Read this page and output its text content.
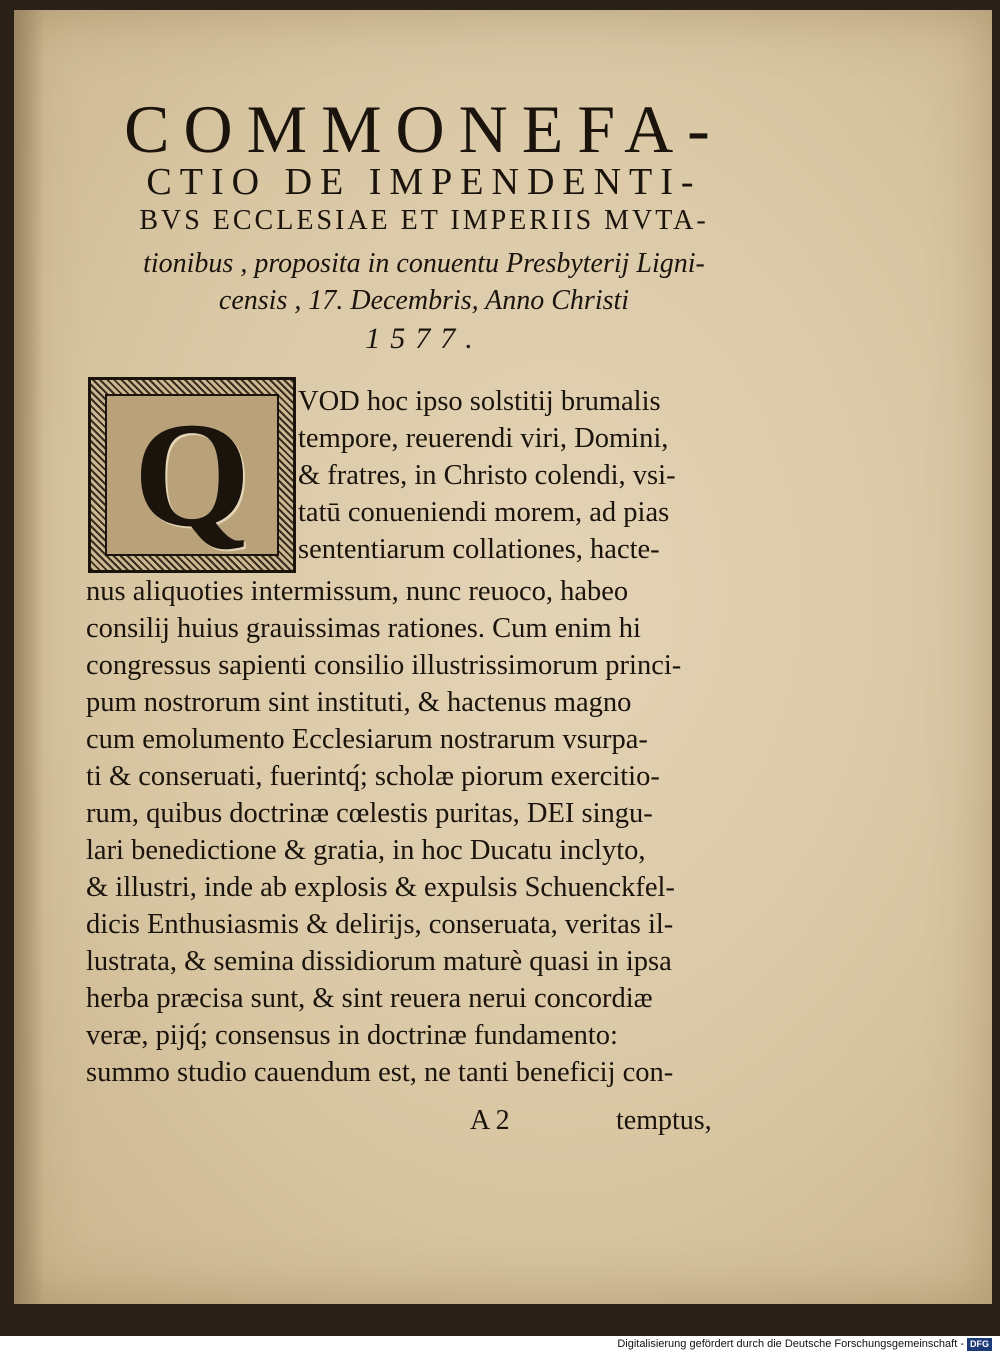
COMMONEFA-

CTIO DE IMPENDENTI-

BVS ECCLESIAE ET IMPERIIS MVTA-

tionibus , proposita in conuentu Presbyterij Ligni-

censis , 17. Decembris, Anno Christi

1577.

Q VOD hoc ipso solstitij brumalis

tempore, reuerendi viri, Domini,

& fratres, in Christo colendi, vsi-

tatū conueniendi morem, ad pias

sententiarum collationes, hacte-

nus aliquoties intermissum, nunc reuoco, habeo

consilij huius grauissimas rationes. Cum enim hi

congressus sapienti consilio illustrissimorum princi-

pum nostrorum sint instituti, & hactenus magno

cum emolumento Ecclesiarum nostrarum vsurpa-

ti & conseruati, fuerintq́; scholæ piorum exercitio-

rum, quibus doctrinæ cœlestis puritas, DEI singu-

lari benedictione & gratia, in hoc Ducatu inclyto,

& illustri, inde ab explosis & expulsis Schuenckfel-

dicis Enthusiasmis & delirijs, conseruata, veritas il-

lustrata, & semina dissidiorum maturè quasi in ipsa

herba præcisa sunt, & sint reuera nerui concordiæ

veræ, pijq́; consensus in doctrinæ fundamento:

summo studio cauendum est, ne tanti beneficij con-

A 2	temptus,

Digitalisierung gefördert durch die Deutsche Forschungsgemeinschaft - DFG
